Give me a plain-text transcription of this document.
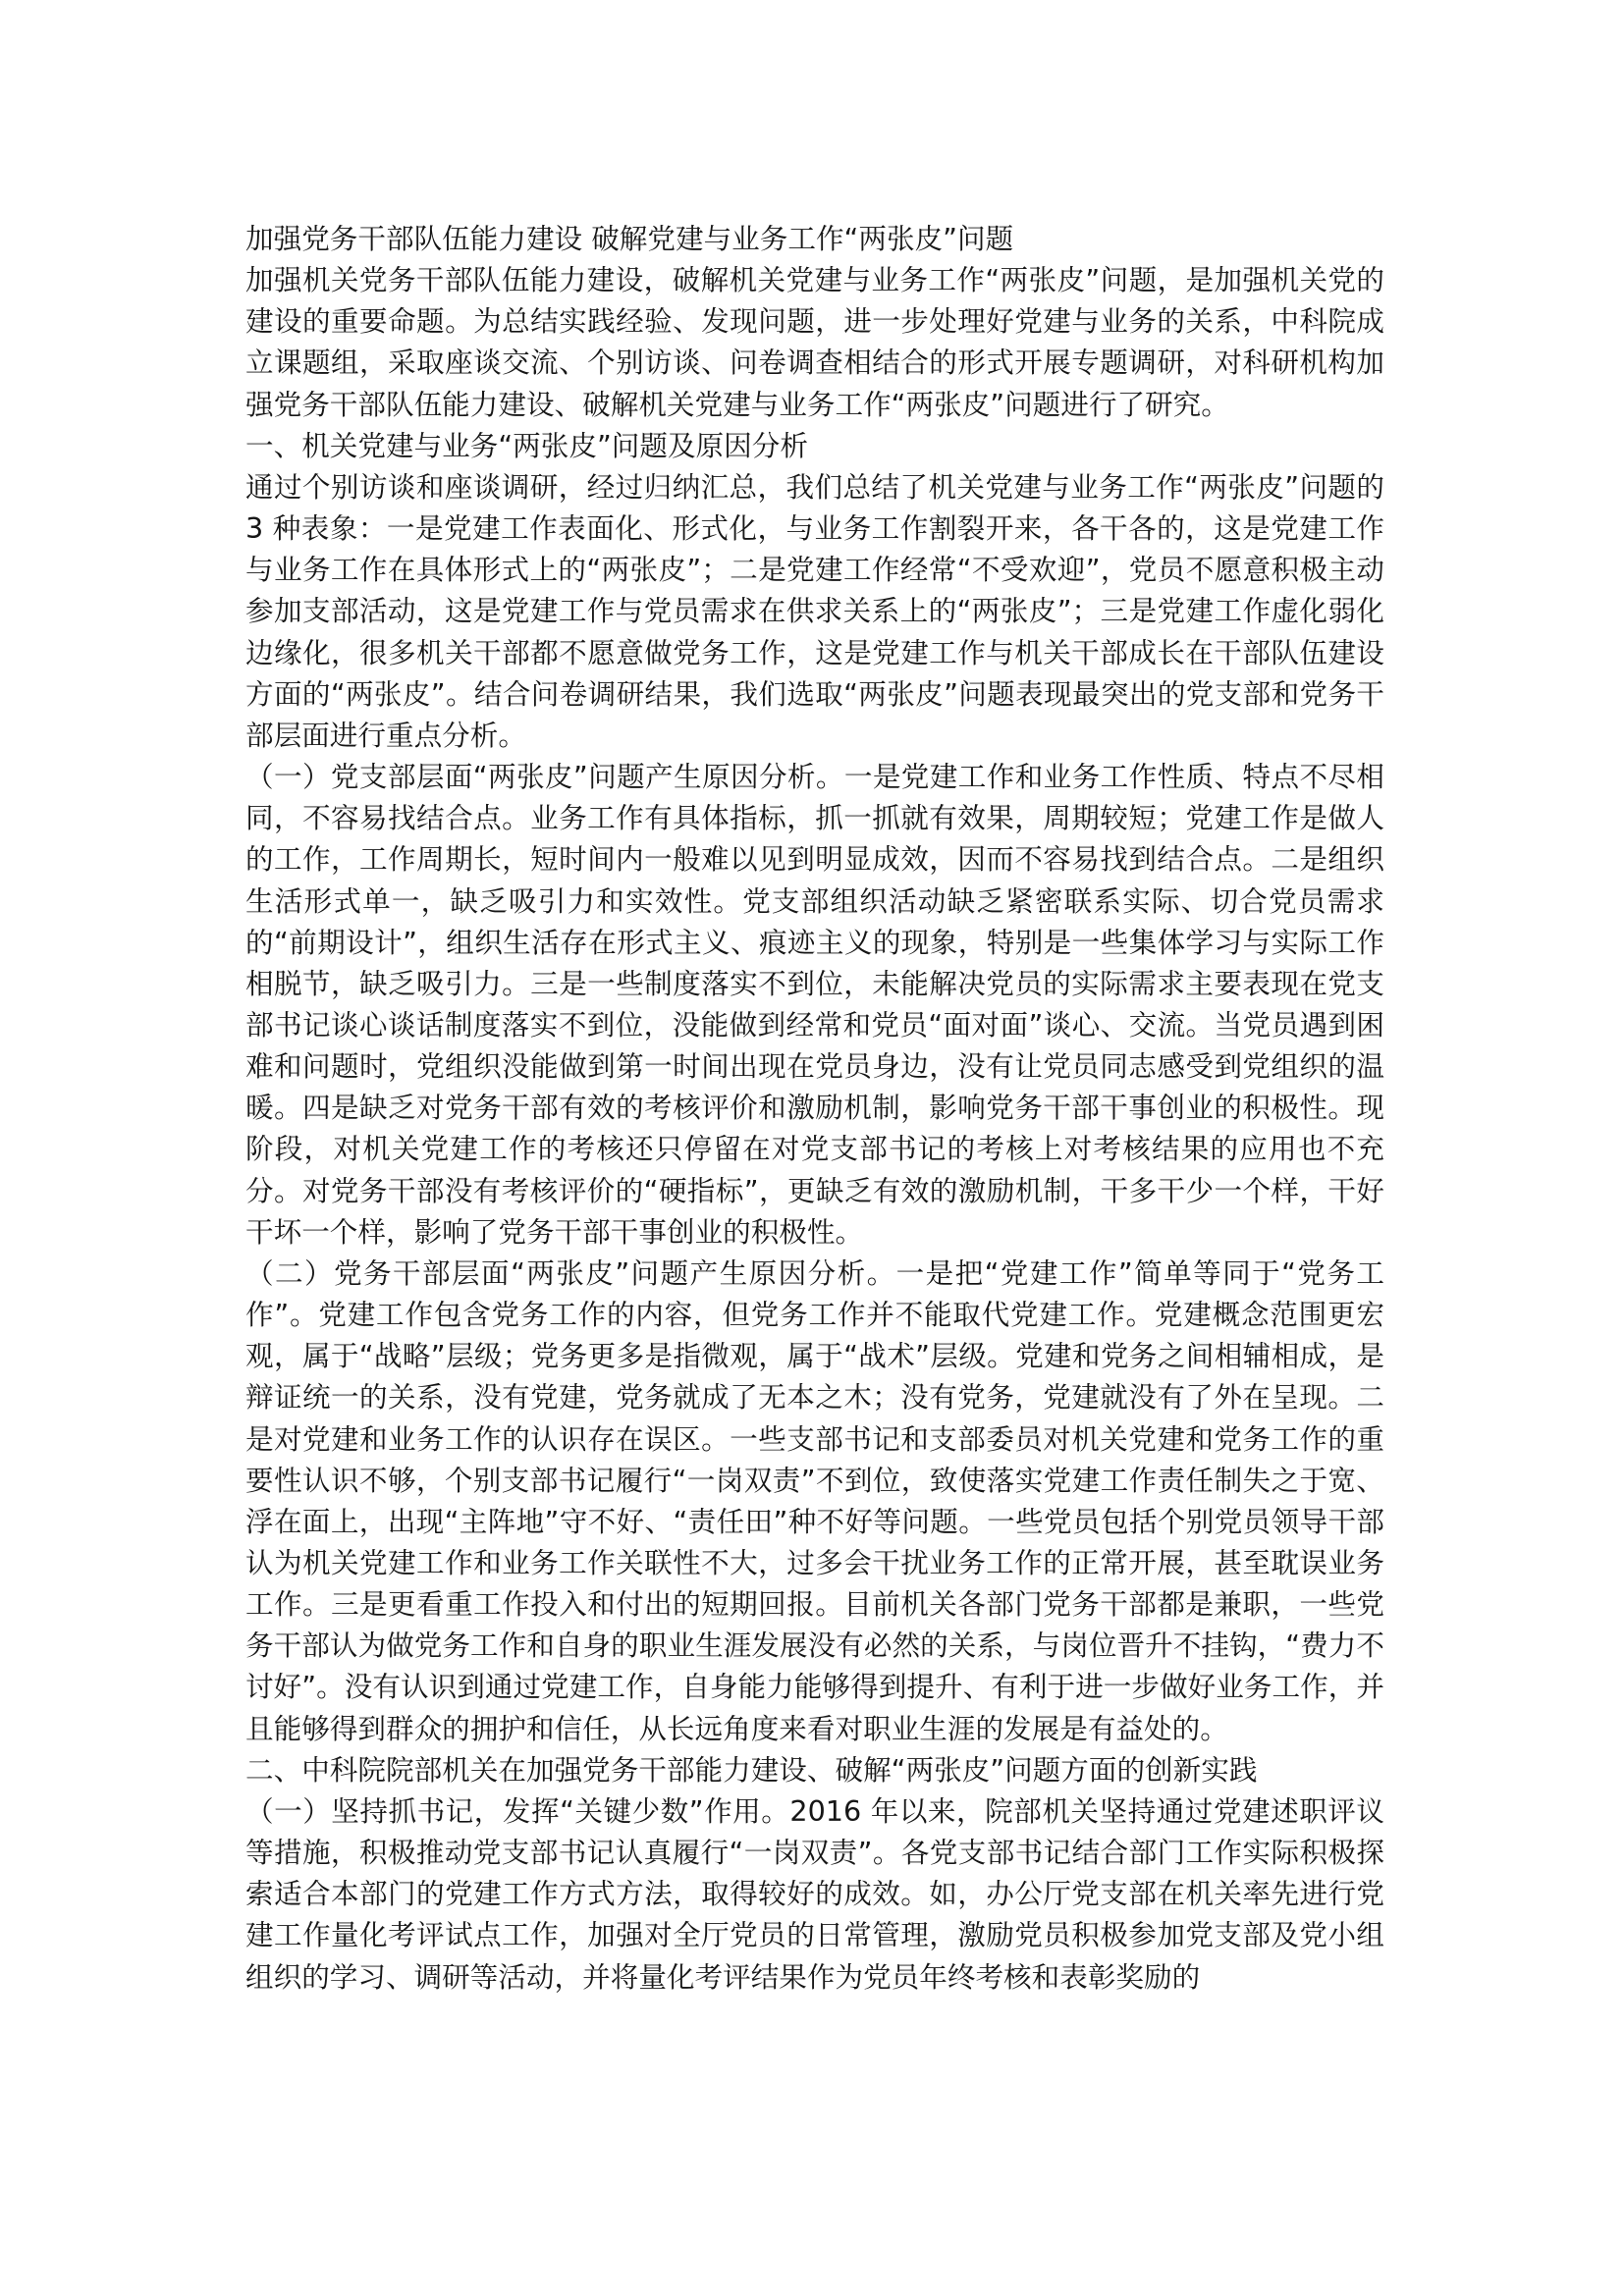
加强党务干部队伍能力建设 破解党建与业务工作“两张皮”问题

加强机关党务干部队伍能力建设，破解机关党建与业务工作“两张皮”问题，是加强机关党的建设的重要命题。为总结实践经验、发现问题，进一步处理好党建与业务的关系，中科院成立课题组，采取座谈交流、个别访谈、问卷调查相结合的形式开展专题调研，对科研机构加强党务干部队伍能力建设、破解机关党建与业务工作“两张皮”问题进行了研究。

一、机关党建与业务“两张皮”问题及原因分析

通过个别访谈和座谈调研，经过归纳汇总，我们总结了机关党建与业务工作“两张皮”问题的 3 种表象：一是党建工作表面化、形式化，与业务工作割裂开来，各干各的，这是党建工作与业务工作在具体形式上的“两张皮”；二是党建工作经常“不受欢迎”，党员不愿意积极主动参加支部活动，这是党建工作与党员需求在供求关系上的“两张皮”；三是党建工作虚化弱化边缘化，很多机关干部都不愿意做党务工作，这是党建工作与机关干部成长在干部队伍建设方面的“两张皮”。结合问卷调研结果，我们选取“两张皮”问题表现最突出的党支部和党务干部层面进行重点分析。

（一）党支部层面“两张皮”问题产生原因分析。一是党建工作和业务工作性质、特点不尽相同，不容易找结合点。业务工作有具体指标，抓一抓就有效果，周期较短；党建工作是做人的工作，工作周期长，短时间内一般难以见到明显成效，因而不容易找到结合点。二是组织生活形式单一，缺乏吸引力和实效性。党支部组织活动缺乏紧密联系实际、切合党员需求的“前期设计”，组织生活存在形式主义、痕迹主义的现象，特别是一些集体学习与实际工作相脱节，缺乏吸引力。三是一些制度落实不到位，未能解决党员的实际需求主要表现在党支部书记谈心谈话制度落实不到位，没能做到经常和党员“面对面”谈心、交流。当党员遇到困难和问题时，党组织没能做到第一时间出现在党员身边，没有让党员同志感受到党组织的温暖。四是缺乏对党务干部有效的考核评价和激励机制，影响党务干部干事创业的积极性。现阶段，对机关党建工作的考核还只停留在对党支部书记的考核上对考核结果的应用也不充分。对党务干部没有考核评价的“硬指标”，更缺乏有效的激励机制，干多干少一个样，干好干坏一个样，影响了党务干部干事创业的积极性。

（二）党务干部层面“两张皮”问题产生原因分析。一是把“党建工作”简单等同于“党务工作”。党建工作包含党务工作的内容，但党务工作并不能取代党建工作。党建概念范围更宏观，属于“战略”层级；党务更多是指微观，属于“战术”层级。党建和党务之间相辅相成，是辩证统一的关系，没有党建，党务就成了无本之木；没有党务，党建就没有了外在呈现。二是对党建和业务工作的认识存在误区。一些支部书记和支部委员对机关党建和党务工作的重要性认识不够，个别支部书记履行“一岗双责”不到位，致使落实党建工作责任制失之于宽、浮在面上，出现“主阵地”守不好、“责任田”种不好等问题。一些党员包括个别党员领导干部认为机关党建工作和业务工作关联性不大，过多会干扰业务工作的正常开展，甚至耽误业务工作。三是更看重工作投入和付出的短期回报。目前机关各部门党务干部都是兼职，一些党务干部认为做党务工作和自身的职业生涯发展没有必然的关系，与岗位晋升不挂钩，“费力不讨好”。没有认识到通过党建工作，自身能力能够得到提升、有利于进一步做好业务工作，并且能够得到群众的拥护和信任，从长远角度来看对职业生涯的发展是有益处的。

二、中科院院部机关在加强党务干部能力建设、破解“两张皮”问题方面的创新实践

（一）坚持抓书记，发挥“关键少数”作用。2016 年以来，院部机关坚持通过党建述职评议等措施，积极推动党支部书记认真履行“一岗双责”。各党支部书记结合部门工作实际积极探索适合本部门的党建工作方式方法，取得较好的成效。如，办公厅党支部在机关率先进行党建工作量化考评试点工作，加强对全厅党员的日常管理，激励党员积极参加党支部及党小组组织的学习、调研等活动，并将量化考评结果作为党员年终考核和表彰奖励的
